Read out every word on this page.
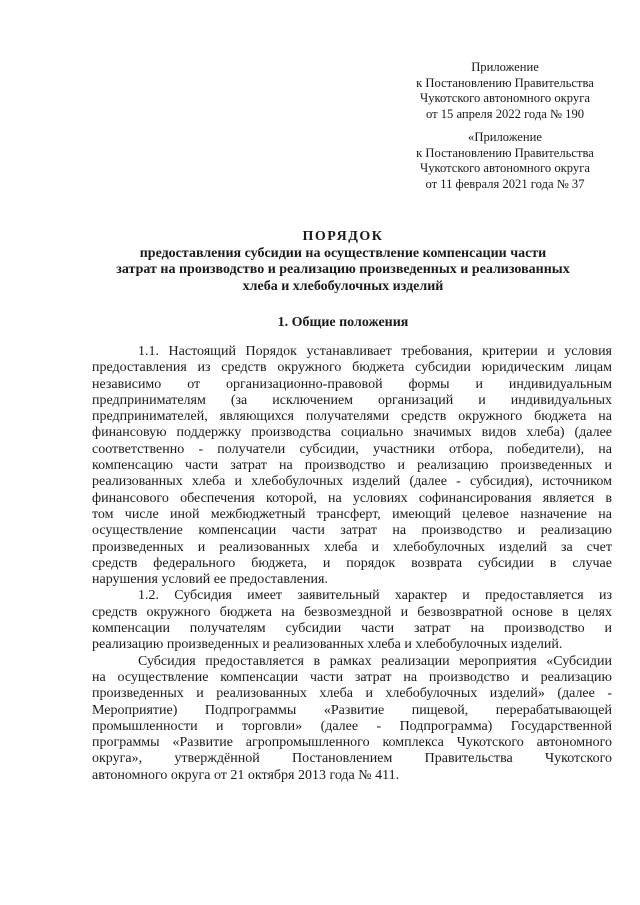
Приложение
к Постановлению Правительства
Чукотского автономного округа
от 15 апреля 2022 года № 190
«Приложение
к Постановлению Правительства
Чукотского автономного округа
от 11 февраля 2021 года № 37
ПОРЯДОК
предоставления субсидии на осуществление компенсации части
затрат на производство и реализацию произведенных и реализованных
хлеба и хлебобулочных изделий
1. Общие положения
1.1. Настоящий Порядок устанавливает требования, критерии и условия
предоставления из средств окружного бюджета субсидии юридическим лицам
независимо от организационно-правовой формы и индивидуальным
предпринимателям (за исключением организаций и индивидуальных
предпринимателей, являющихся получателями средств окружного бюджета на
финансовую поддержку производства социально значимых видов хлеба) (далее
соответственно - получатели субсидии, участники отбора, победители), на
компенсацию части затрат на производство и реализацию произведенных и
реализованных хлеба и хлебобулочных изделий (далее - субсидия), источником
финансового обеспечения которой, на условиях софинансирования является в
том числе иной межбюджетный трансферт, имеющий целевое назначение на
осуществление компенсации части затрат на производство и реализацию
произведенных и реализованных хлеба и хлебобулочных изделий за счет
средств федерального бюджета, и порядок возврата субсидии в случае
нарушения условий ее предоставления.
1.2. Субсидия имеет заявительный характер и предоставляется из
средств окружного бюджета на безвозмездной и безвозвратной основе в целях
компенсации получателям субсидии части затрат на производство и
реализацию произведенных и реализованных хлеба и хлебобулочных изделий.
Субсидия предоставляется в рамках реализации мероприятия «Субсидии
на осуществление компенсации части затрат на производство и реализацию
произведенных и реализованных хлеба и хлебобулочных изделий» (далее -
Мероприятие) Подпрограммы «Развитие пищевой, перерабатывающей
промышленности и торговли» (далее - Подпрограмма) Государственной
программы «Развитие агропромышленного комплекса Чукотского автономного
округа», утверждённой Постановлением Правительства Чукотского
автономного округа от 21 октября 2013 года № 411.
